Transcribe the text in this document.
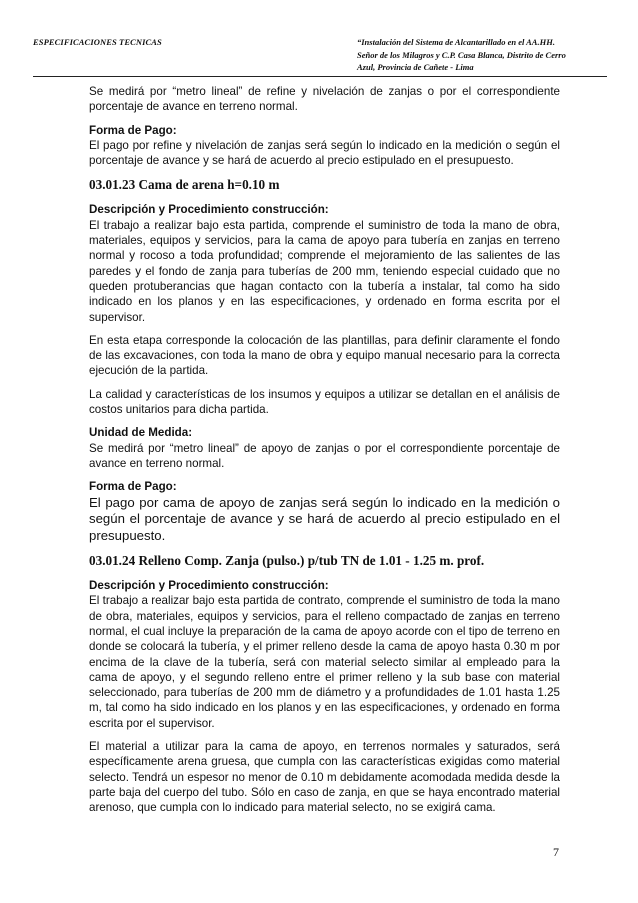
ESPECIFICACIONES TECNICAS	“Instalación del Sistema de Alcantarillado en el AA.HH.
Señor de los Milagros y C.P. Casa Blanca, Distrito de Cerro
Azul, Provincia de Cañete - Lima

Se medirá por “metro lineal” de refine y nivelación de zanjas o por el correspondiente porcentaje de avance en terreno normal.

Forma de Pago:

El pago por refine y nivelación de zanjas será según lo indicado en la medición o según el porcentaje de avance y se hará de acuerdo al precio estipulado en el presupuesto.

03.01.23 Cama de arena h=0.10 m
Descripción y Procedimiento construcción:

El trabajo a realizar bajo esta partida, comprende el suministro de toda la mano de obra, materiales, equipos y servicios, para la cama de apoyo para tubería en zanjas en terreno normal y rocoso a toda profundidad; comprende el mejoramiento de las salientes de las paredes y el fondo de zanja para tuberías de 200 mm, teniendo especial cuidado que no queden protuberancias que hagan contacto con la tubería a instalar, tal como ha sido indicado en los planos y en las especificaciones, y ordenado en forma escrita por el supervisor.

En esta etapa corresponde la colocación de las plantillas, para definir claramente el fondo de las excavaciones, con toda la mano de obra y equipo manual necesario para la correcta ejecución de la partida.

La calidad y características de los insumos y equipos a utilizar se detallan en el análisis de costos unitarios para dicha partida.

Unidad de Medida:

Se medirá por “metro lineal” de apoyo de zanjas o por el correspondiente porcentaje de avance en terreno normal.

Forma de Pago:

El pago por cama de apoyo de zanjas será según lo indicado en la medición o según el porcentaje de avance y se hará de acuerdo al precio estipulado en el presupuesto.

03.01.24 Relleno Comp. Zanja (pulso.) p/tub TN de 1.01 - 1.25 m. prof.
Descripción y Procedimiento construcción:

El trabajo a realizar bajo esta partida de contrato, comprende el suministro de toda la mano de obra, materiales, equipos y servicios, para el relleno compactado de zanjas en terreno normal, el cual incluye la preparación de la cama de apoyo acorde con el tipo de terreno en donde se colocará la tubería, y el primer relleno desde la cama de apoyo hasta 0.30 m por encima de la clave de la tubería, será con material selecto similar al empleado para la cama de apoyo, y el segundo relleno entre el primer relleno y la sub base con material seleccionado, para tuberías de 200 mm de diámetro y a profundidades de 1.01 hasta 1.25 m, tal como ha sido indicado en los planos y en las especificaciones, y ordenado en forma escrita por el supervisor.

El material a utilizar para la cama de apoyo, en terrenos normales y saturados, será específicamente arena gruesa, que cumpla con las características exigidas como material selecto. Tendrá un espesor no menor de 0.10 m debidamente acomodada medida desde la parte baja del cuerpo del tubo. Sólo en caso de zanja, en que se haya encontrado material arenoso, que cumpla con lo indicado para material selecto, no se exigirá cama.

7
